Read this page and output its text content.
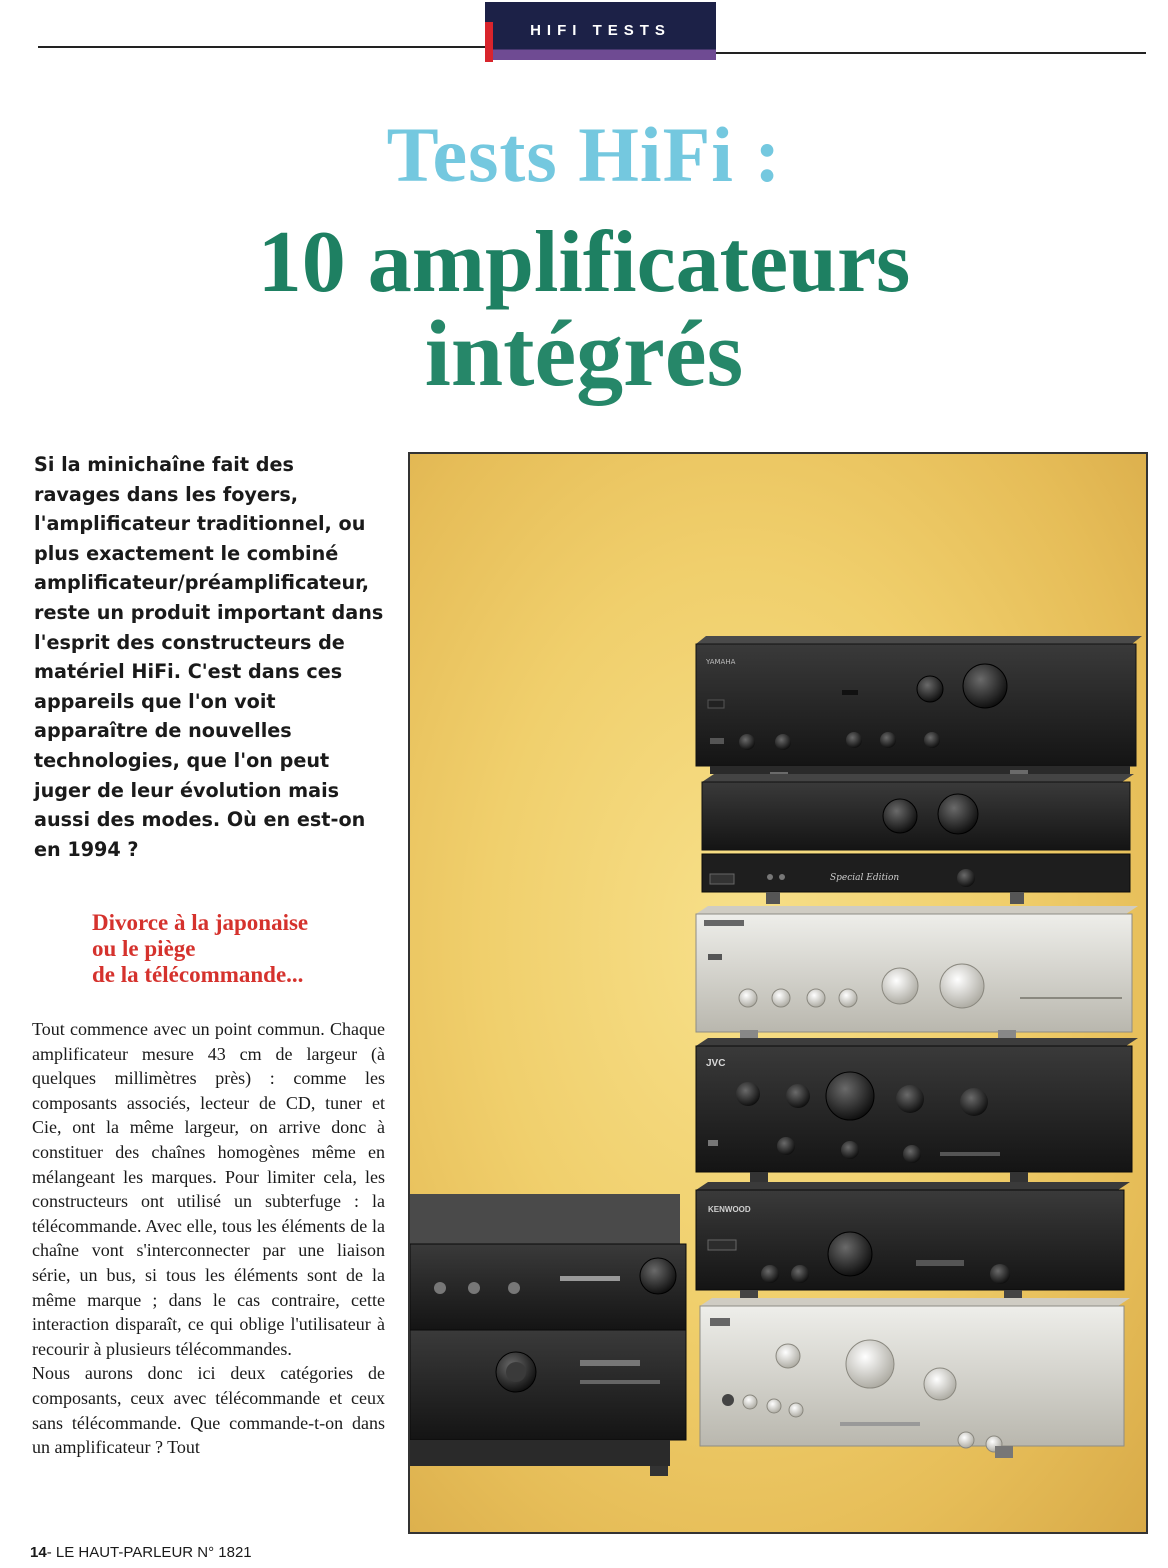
HIFI TESTS
Tests HiFi :
10 amplificateurs
intégrés

Si la minichaîne fait des ravages dans les foyers, l'amplificateur traditionnel, ou plus exactement le combiné amplificateur/préamplificateur, reste un produit important dans l'esprit des constructeurs de matériel HiFi. C'est dans ces appareils que l'on voit apparaître de nouvelles technologies, que l'on peut juger de leur évolution mais aussi des modes. Où en est-on en 1994 ?

Divorce à la japonaise
ou le piège
de la télécommande...

Tout commence avec un point commun. Chaque amplificateur mesure 43 cm de largeur (à quelques millimètres près) : comme les composants associés, lecteur de CD, tuner et Cie, ont la même largeur, on arrive donc à constituer des chaînes homogènes même en mélangeant les marques. Pour limiter cela, les constructeurs ont utilisé un subterfuge : la télécommande. Avec elle, tous les éléments de la chaîne vont s'interconnecter par une liaison série, un bus, si tous les éléments sont de la même marque ; dans le cas contraire, cette interaction disparaît, ce qui oblige l'utilisateur à recourir à plusieurs télécommandes.

Nous aurons donc ici deux catégories de composants, ceux avec télécommande et ceux sans télécommande. Que commande-t-on dans un amplificateur ? Tout

14- LE HAUT-PARLEUR N° 1821
YAMAHA
Special Edition
JVC
KENWOOD
